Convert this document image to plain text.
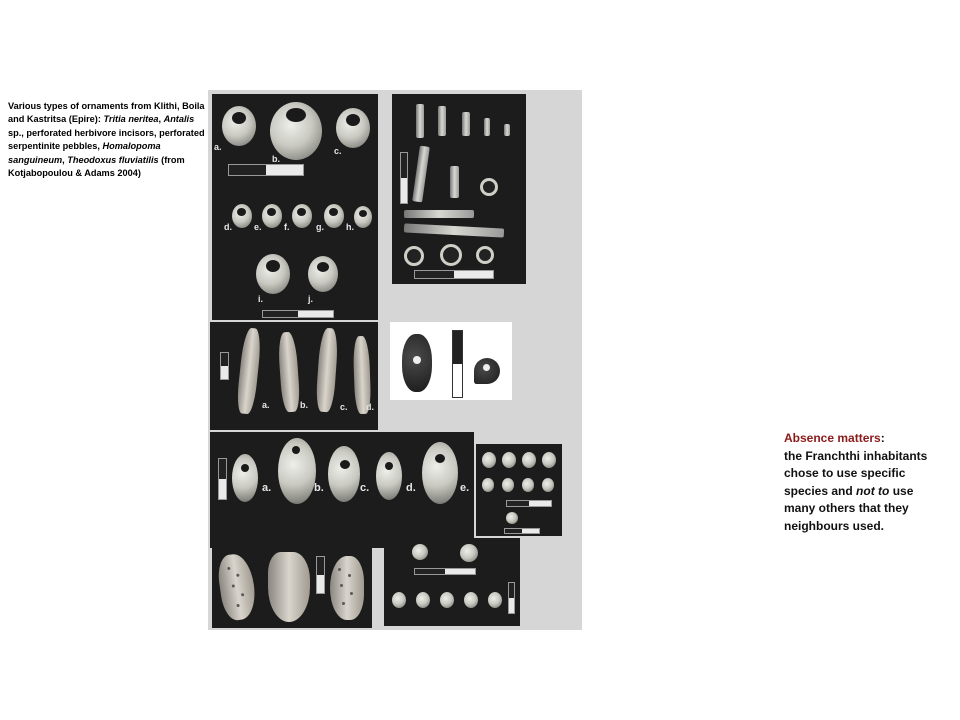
Various types of ornaments from Klithi, Boila and Kastritsa (Epire): Tritia neritea, Antalis sp., perforated herbivore incisors, perforated serpentinite pebbles, Homalopoma sanguineum, Theodoxus fluviatilis (from Kotjabopoulou & Adams 2004)
a.
b.
c.
d. e. f.	g. h.
i.	j.
a.	b.	c. d.
a.	b.	c.	d.	e.
Absence matters:
the Franchthi inhabitants chose to use specific species and not to use many others that they neighbours used.
